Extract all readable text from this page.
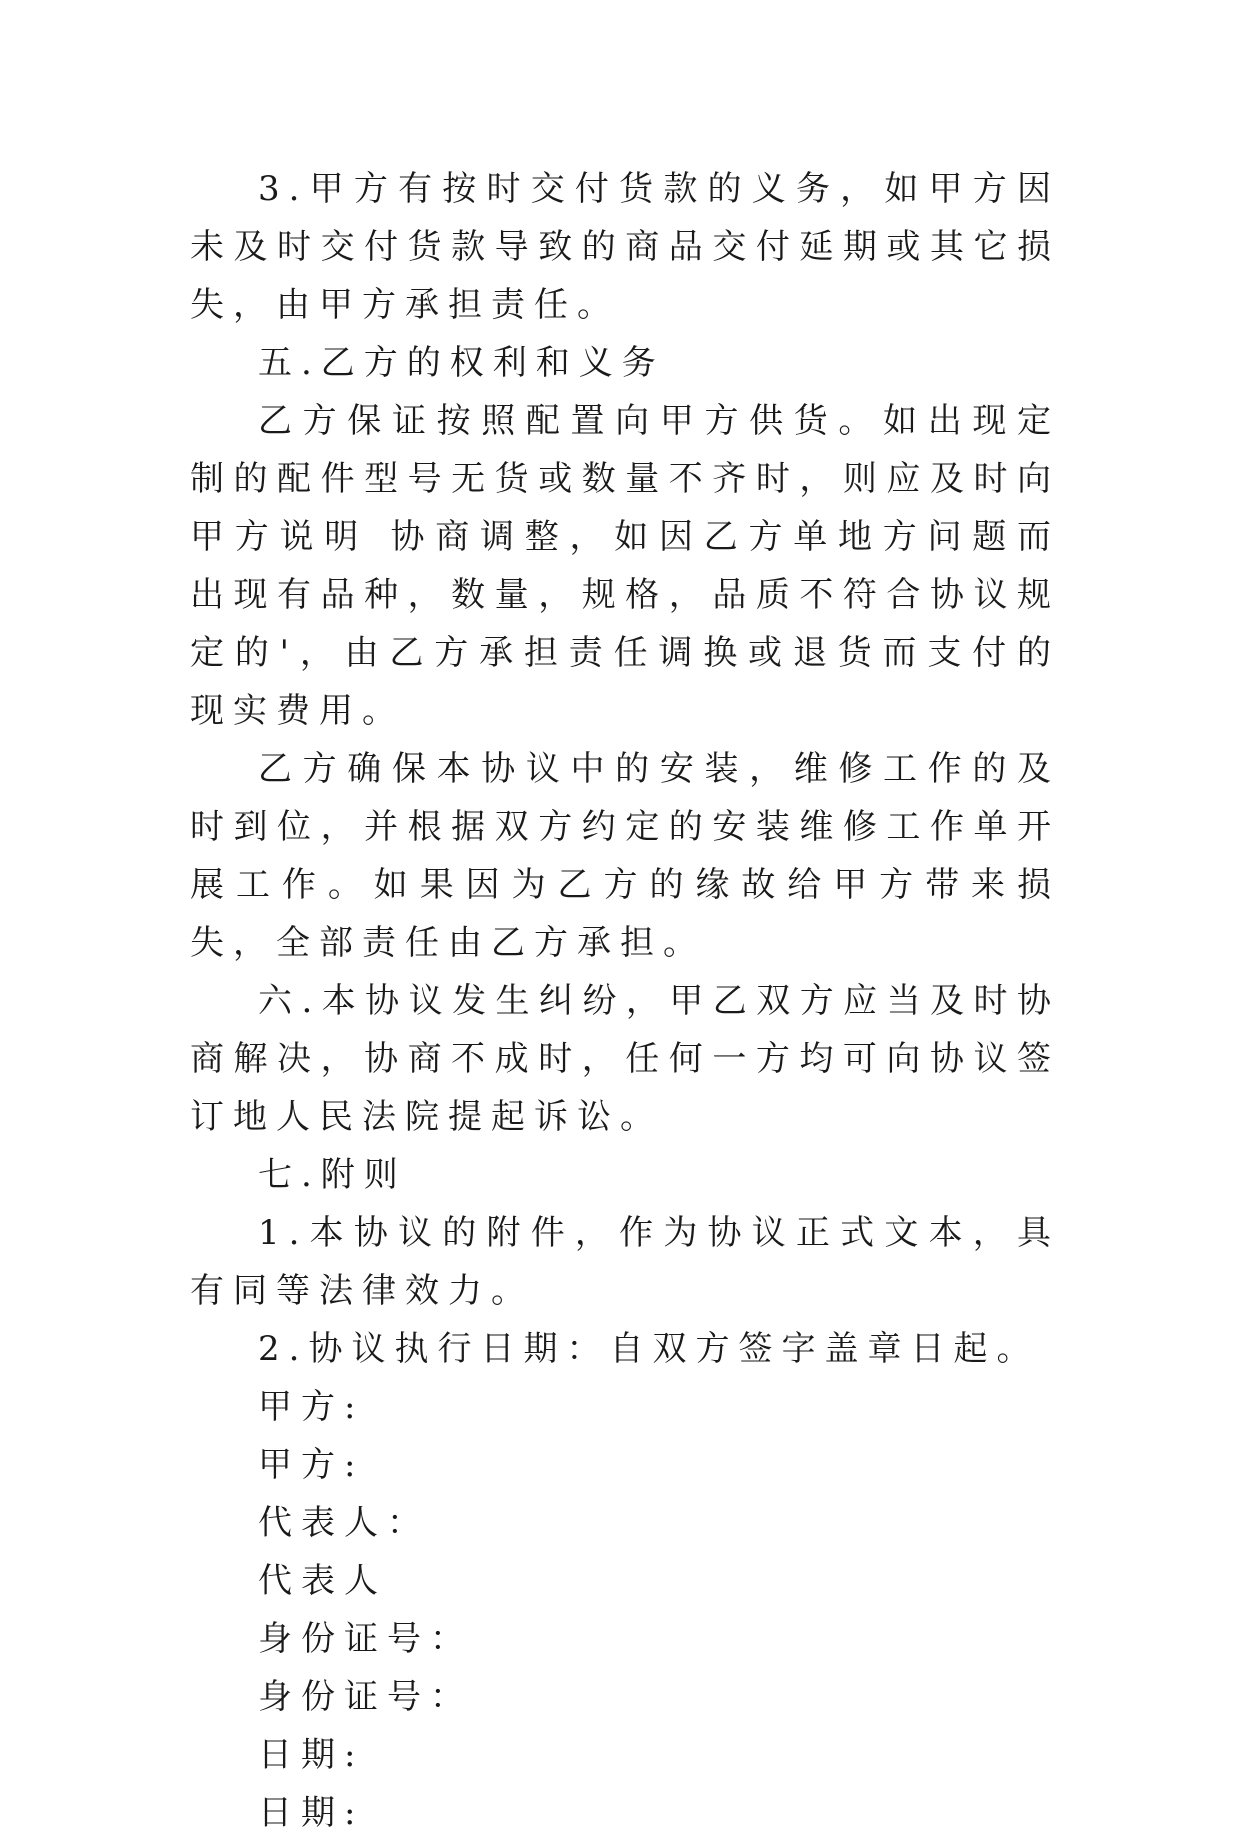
3.甲方有按时交付货款的义务，如甲方因未及时交付货款导致的商品交付延期或其它损失，由甲方承担责任。

五.乙方的权利和义务

乙方保证按照配置向甲方供货。如出现定制的配件型号无货或数量不齐时，则应及时向甲方说明 协商调整，如因乙方单地方问题而出现有品种，数量，规格，品质不符合协议规定的'，由乙方承担责任调换或退货而支付的现实费用。

乙方确保本协议中的安装，维修工作的及时到位，并根据双方约定的安装维修工作单开展工作。如果因为乙方的缘故给甲方带来损失，全部责任由乙方承担。

六.本协议发生纠纷，甲乙双方应当及时协商解决，协商不成时，任何一方均可向协议签订地人民法院提起诉讼。

七.附则

1.本协议的附件，作为协议正式文本，具有同等法律效力。

2.协议执行日期：自双方签字盖章日起。

甲方:

甲方:

代表人：

代表人

身份证号：

身份证号：

日期:

日期:
